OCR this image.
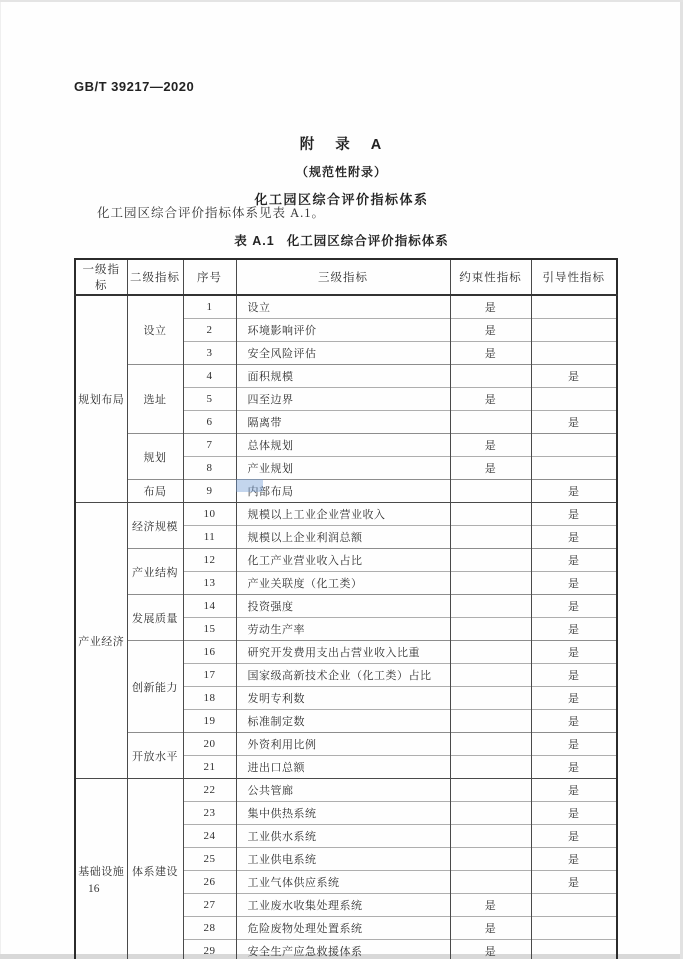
GB/T 39217—2020
附 录 A
（规范性附录）
化工园区综合评价指标体系
化工园区综合评价指标体系见表 A.1。
表 A.1 化工园区综合评价指标体系
一级指标	二级指标	序号	三级指标	约束性指标	引导性指标
规划布局	设立	1	设立	是	
		2	环境影响评价	是	
		3	安全风险评估	是	
	选址	4	面积规模		是
		5	四至边界	是	
		6	隔离带		是
	规划	7	总体规划	是	
		8	产业规划	是	
	布局	9	内部布局		是
产业经济	经济规模	10	规模以上工业企业营业收入		是
		11	规模以上企业利润总额		是
	产业结构	12	化工产业营业收入占比		是
		13	产业关联度（化工类）		是
	发展质量	14	投资强度		是
		15	劳动生产率		是
	创新能力	16	研究开发费用支出占营业收入比重		是
		17	国家级高新技术企业（化工类）占比		是
		18	发明专利数		是
		19	标准制定数		是
	开放水平	20	外资利用比例		是
		21	进出口总额		是
基础设施	体系建设	22	公共管廊		是
		23	集中供热系统		是
		24	工业供水系统		是
		25	工业供电系统		是
		26	工业气体供应系统		是
		27	工业废水收集处理系统	是	
		28	危险废物处理处置系统	是	
		29	安全生产应急救援体系	是	
16
